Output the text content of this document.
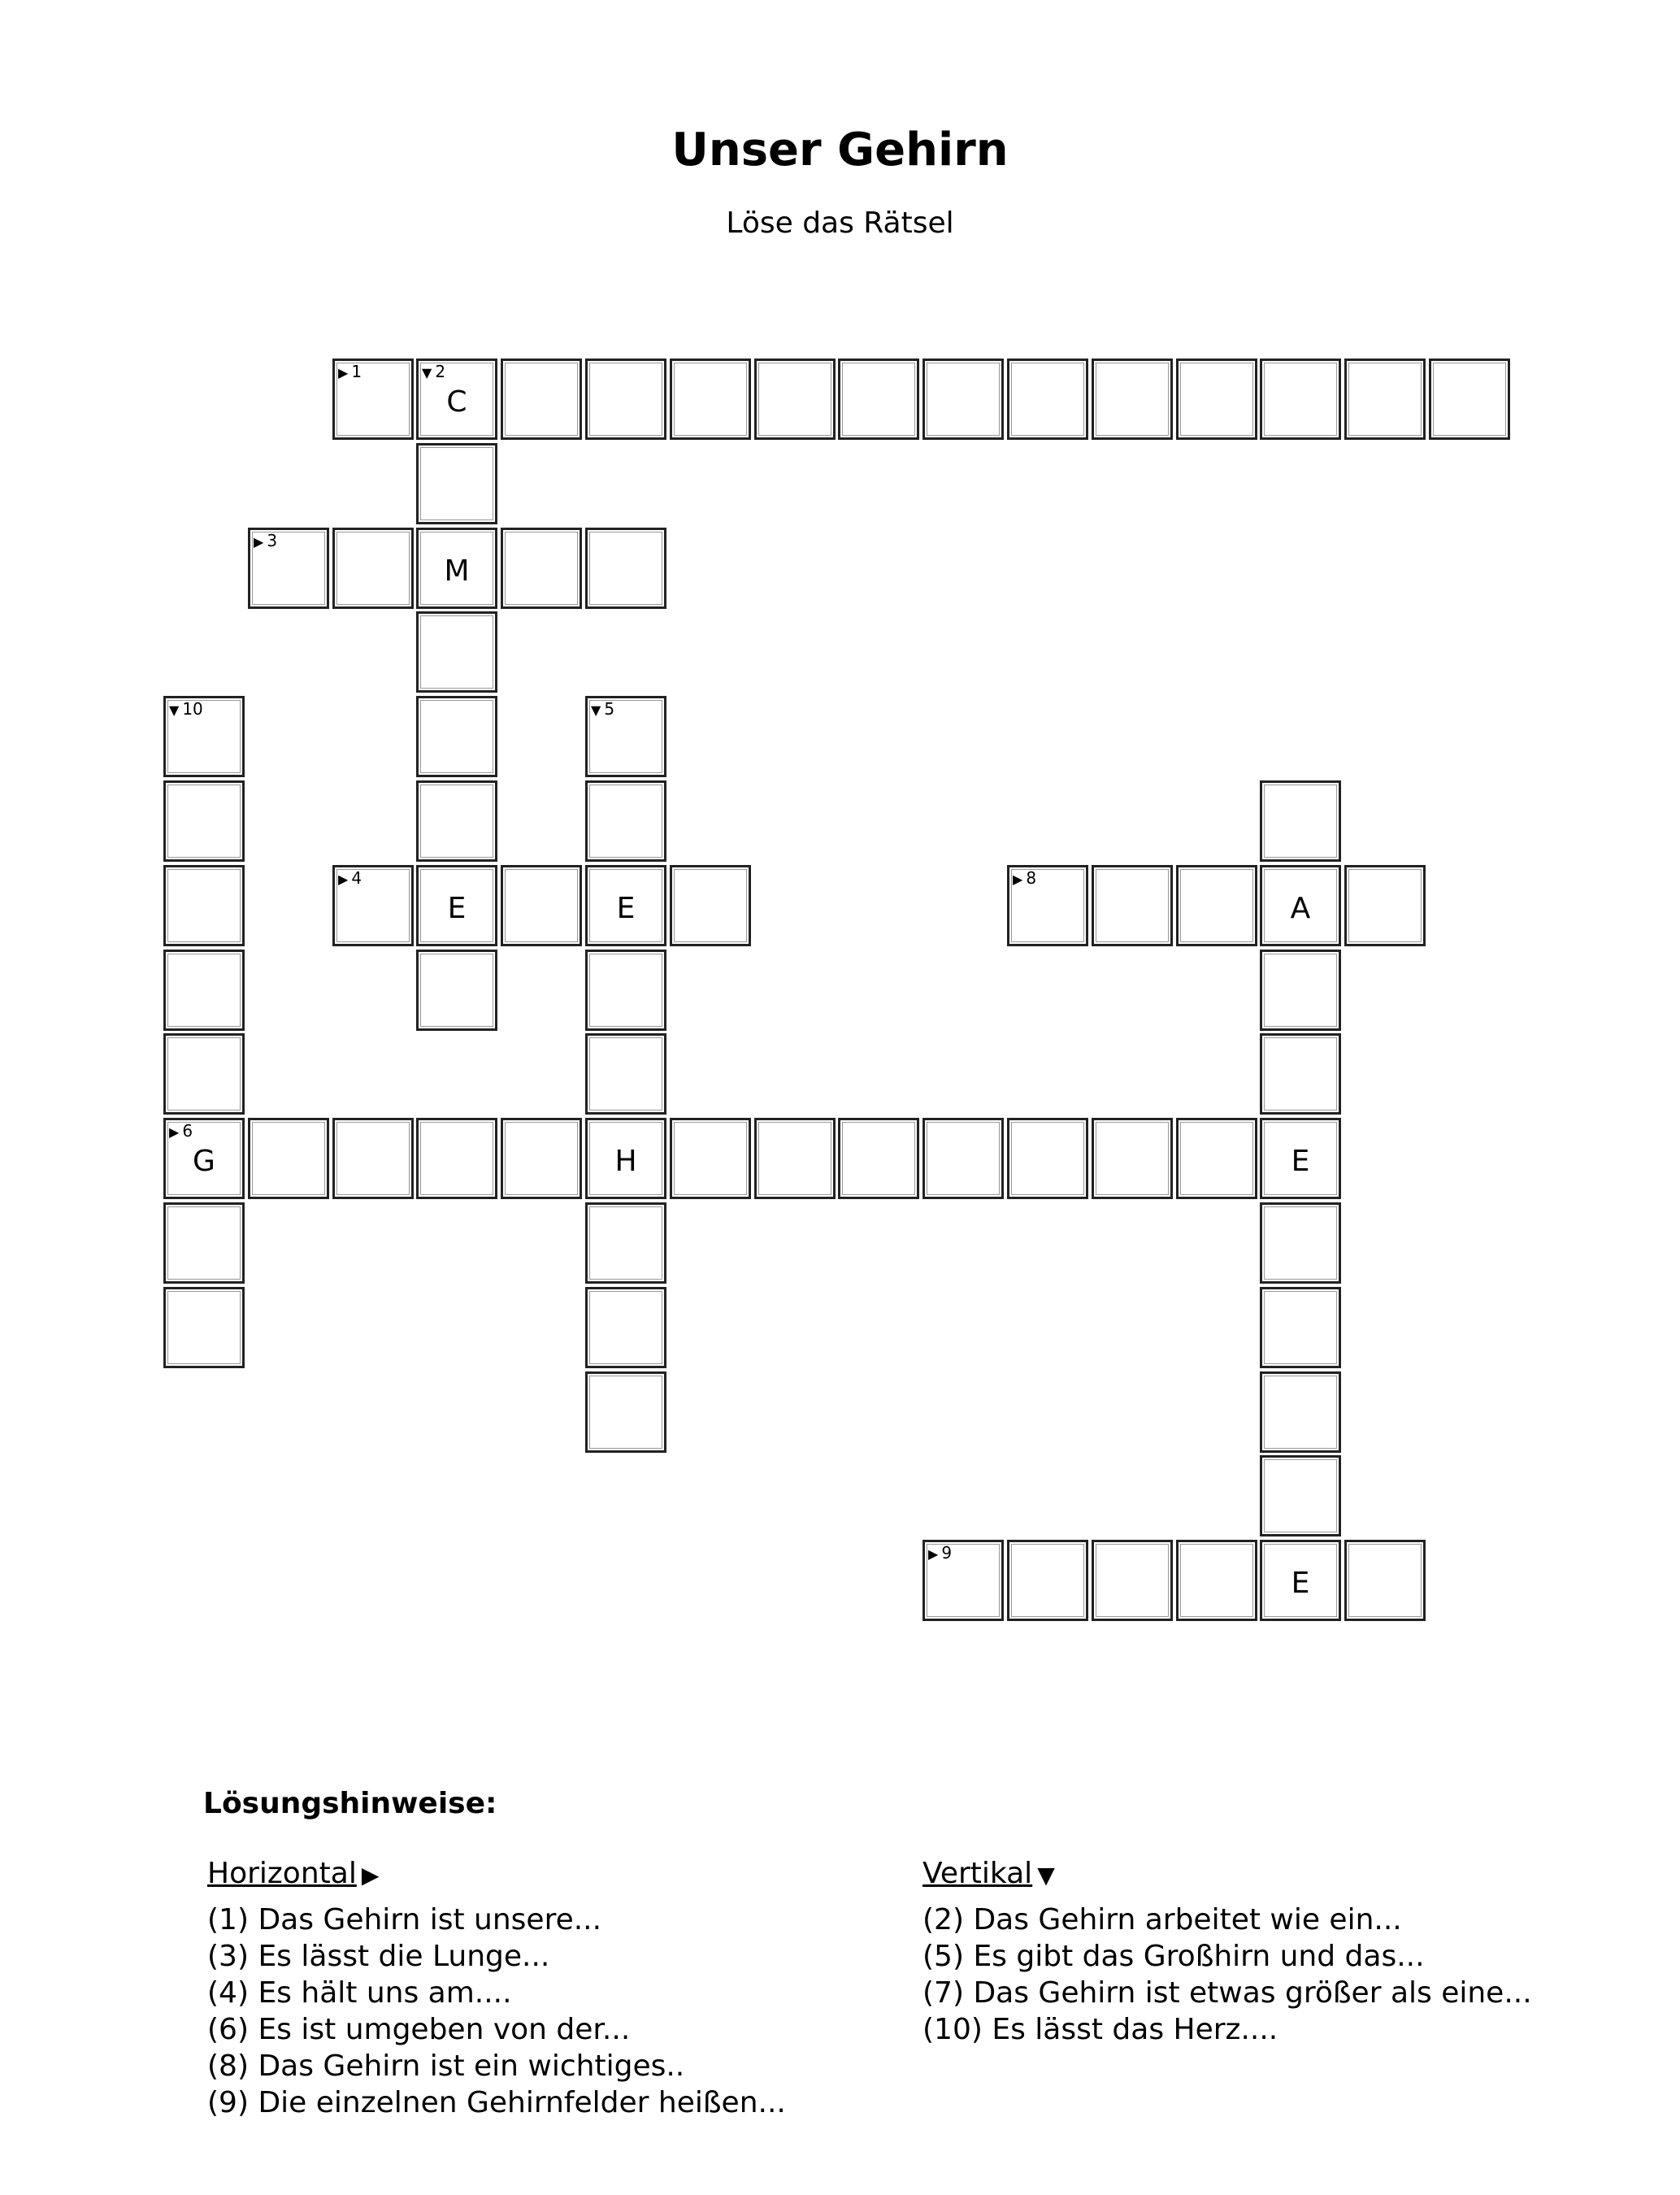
Unser Gehirn
Löse das Rätsel
▶ 1	▼ 2
C
▶ 3
M
▼ 10	▼ 5
▶ 4
E	E
▶ 8
A
▶ 6
G	H	E
▶ 9
E
Lösungshinweise:
Horizontal ▶
(1) Das Gehirn ist unsere...
(3) Es lässt die Lunge...
(4) Es hält uns am....
(6) Es ist umgeben von der...
(8) Das Gehirn ist ein wichtiges..
(9) Die einzelnen Gehirnfelder heißen...
Vertikal ▼
(2) Das Gehirn arbeitet wie ein...
(5) Es gibt das Großhirn und das...
(7) Das Gehirn ist etwas größer als eine...
(10) Es lässt das Herz....
